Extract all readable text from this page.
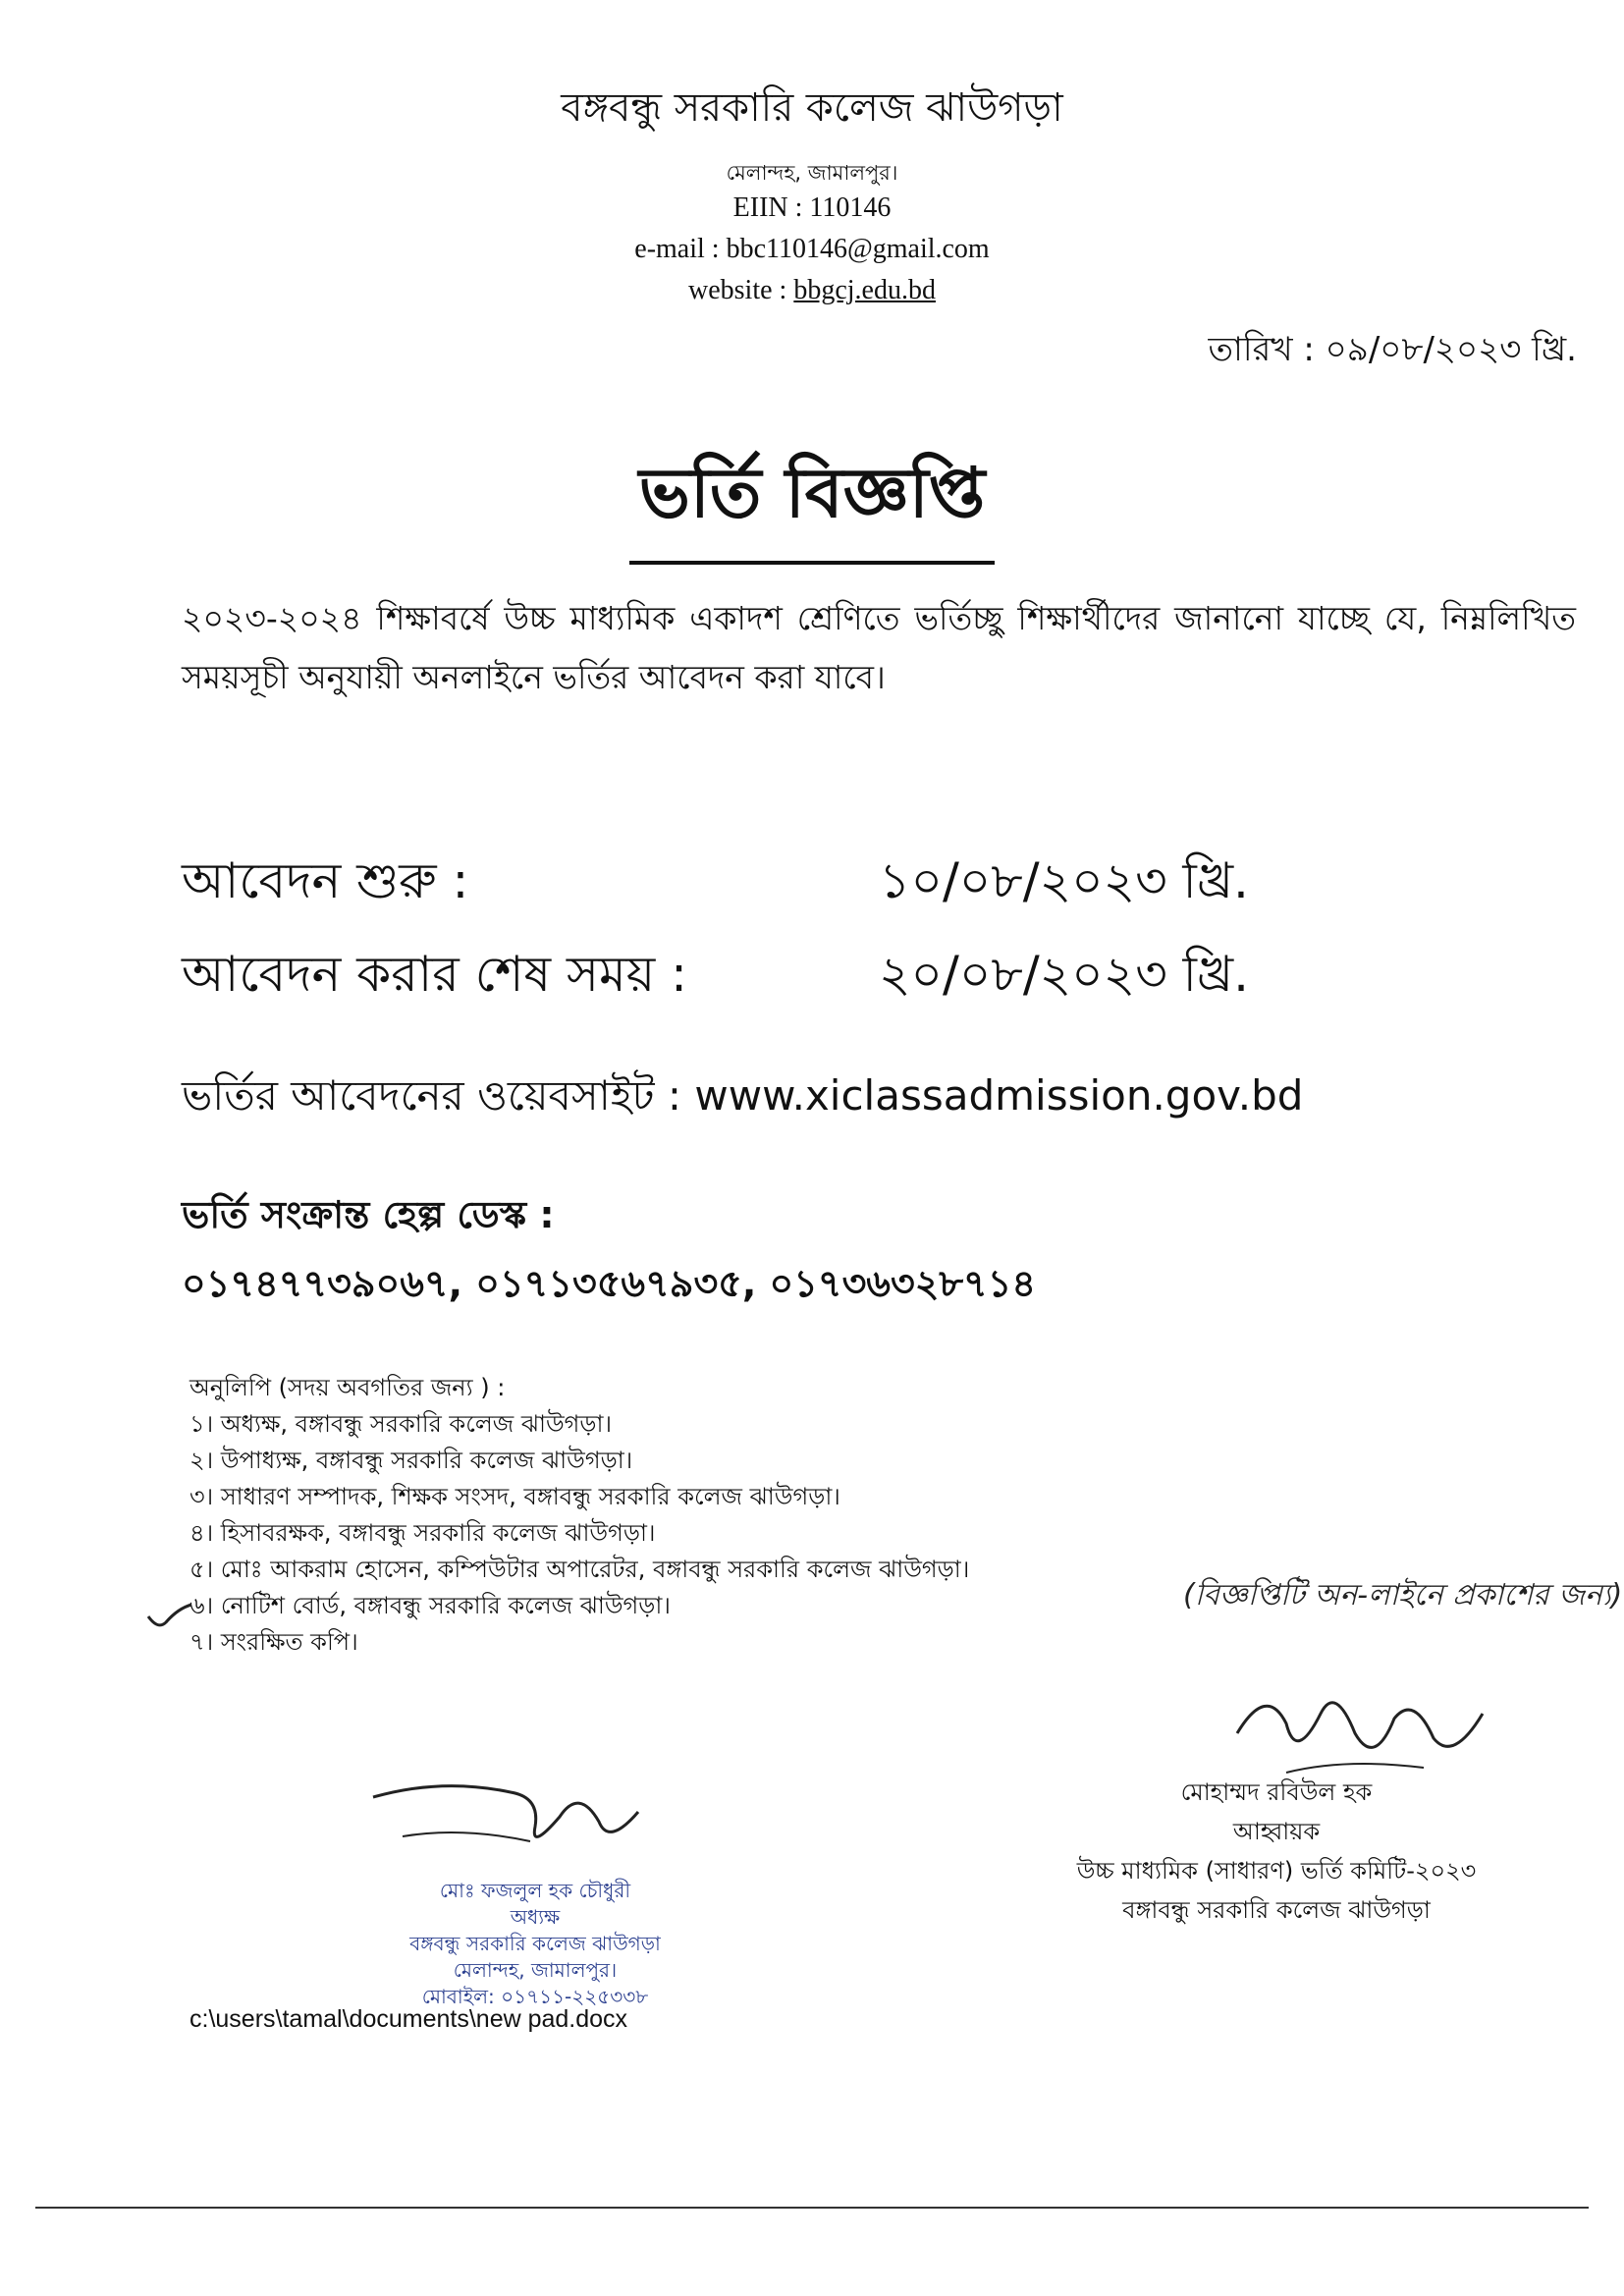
বঙ্গবন্ধু সরকারি কলেজ ঝাউগড়া
মেলান্দহ, জামালপুর।
EIIN : 110146
e-mail : bbc110146@gmail.com
website : bbgcj.edu.bd
তারিখ : ০৯/০৮/২০২৩ খ্রি.
ভর্তি বিজ্ঞপ্তি
২০২৩-২০২৪ শিক্ষাবর্ষে উচ্চ মাধ্যমিক একাদশ শ্রেণিতে ভর্তিচ্ছু শিক্ষার্থীদের জানানো যাচ্ছে যে, নিম্নলিখিত সময়সূচী অনুযায়ী অনলাইনে ভর্তির আবেদন করা যাবে।
আবেদন শুরু :	১০/০৮/২০২৩ খ্রি.
আবেদন করার শেষ সময় :	২০/০৮/২০২৩ খ্রি.
ভর্তির আবেদনের ওয়েবসাইট : www.xiclassadmission.gov.bd
ভর্তি সংক্রান্ত হেল্প ডেস্ক :
০১৭৪৭৭৩৯০৬৭, ০১৭১৩৫৬৭৯৩৫, ০১৭৩৬৩২৮৭১৪
অনুলিপি (সদয় অবগতির জন্য ) :
১। অধ্যক্ষ, বঙ্গাবন্ধু সরকারি কলেজ ঝাউগড়া।
২। উপাধ্যক্ষ, বঙ্গাবন্ধু সরকারি কলেজ ঝাউগড়া।
৩। সাধারণ সম্পাদক, শিক্ষক সংসদ, বঙ্গাবন্ধু সরকারি কলেজ ঝাউগড়া।
৪। হিসাবরক্ষক, বঙ্গাবন্ধু সরকারি কলেজ ঝাউগড়া।
৫। মোঃ আকরাম হোসেন, কম্পিউটার অপারেটর, বঙ্গাবন্ধু সরকারি কলেজ ঝাউগড়া।
৬। নোটিশ বোর্ড, বঙ্গাবন্ধু সরকারি কলেজ ঝাউগড়া।
৭। সংরক্ষিত কপি।
(বিজ্ঞপ্তিটি অন-লাইনে প্রকাশের জন্য)
মোহাম্মদ রবিউল হক
আহ্বায়ক
উচ্চ মাধ্যমিক (সাধারণ) ভর্তি কমিটি-২০২৩
বঙ্গাবন্ধু সরকারি কলেজ ঝাউগড়া
মোঃ ফজলুল হক চৌধুরী
অধ্যক্ষ
বঙ্গবন্ধু সরকারি কলেজ ঝাউগড়া
মেলান্দহ, জামালপুর।
মোবাইল: ০১৭১১-২২৫৩৩৮
c:\users\tamal\documents\new pad.docx
